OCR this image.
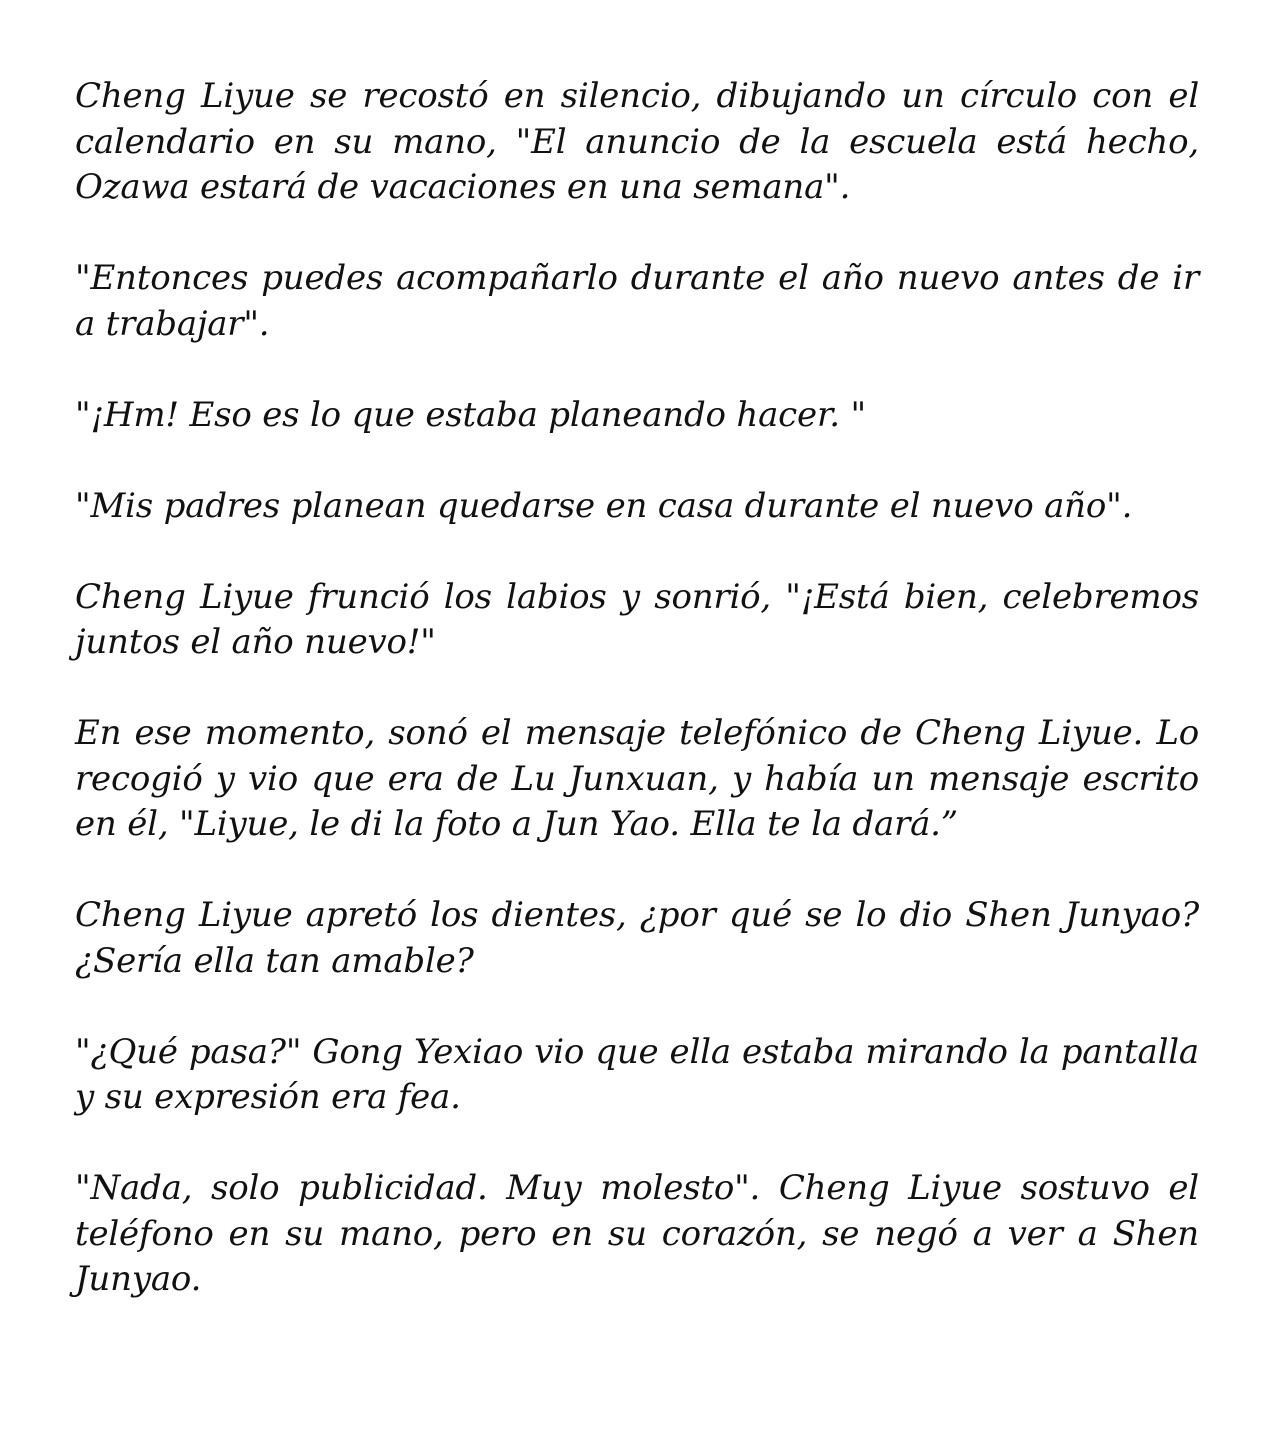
Cheng Liyue se recostó en silencio, dibujando un círculo con el calendario en su mano, "El anuncio de la escuela está hecho, Ozawa estará de vacaciones en una semana".

"Entonces puedes acompañarlo durante el año nuevo antes de ir a trabajar".

"¡Hm! Eso es lo que estaba planeando hacer. "

"Mis padres planean quedarse en casa durante el nuevo año".

Cheng Liyue frunció los labios y sonrió, "¡Está bien, celebremos juntos el año nuevo!"

En ese momento, sonó el mensaje telefónico de Cheng Liyue. Lo recogió y vio que era de Lu Junxuan, y había un mensaje escrito en él, "Liyue, le di la foto a Jun Yao. Ella te la dará.”

Cheng Liyue apretó los dientes, ¿por qué se lo dio Shen Junyao? ¿Sería ella tan amable?

"¿Qué pasa?" Gong Yexiao vio que ella estaba mirando la pantalla y su expresión era fea.

"Nada, solo publicidad. Muy molesto". Cheng Liyue sostuvo el teléfono en su mano, pero en su corazón, se negó a ver a Shen Junyao.
